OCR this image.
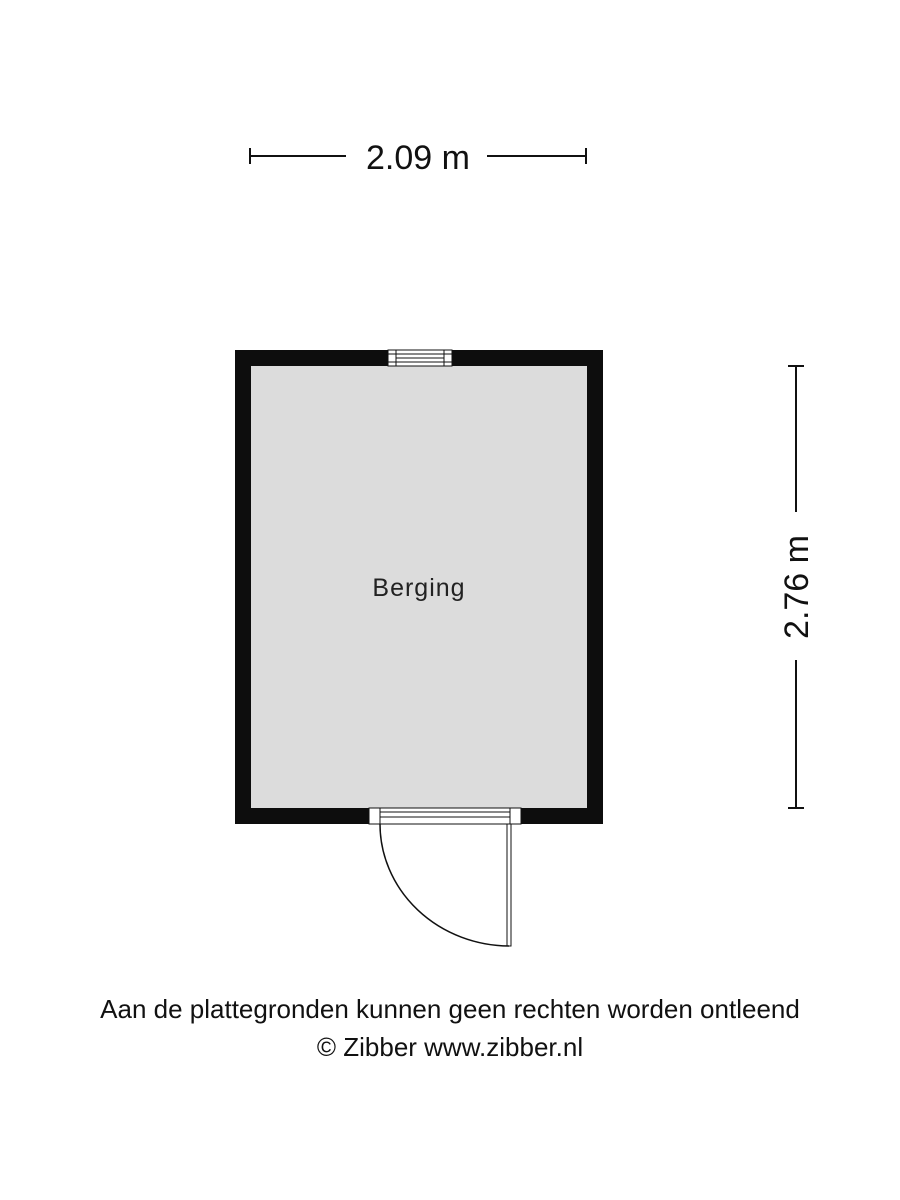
2.09 m
2.76 m
Berging
Aan de plattegronden kunnen geen rechten worden ontleend
© Zibber www.zibber.nl
